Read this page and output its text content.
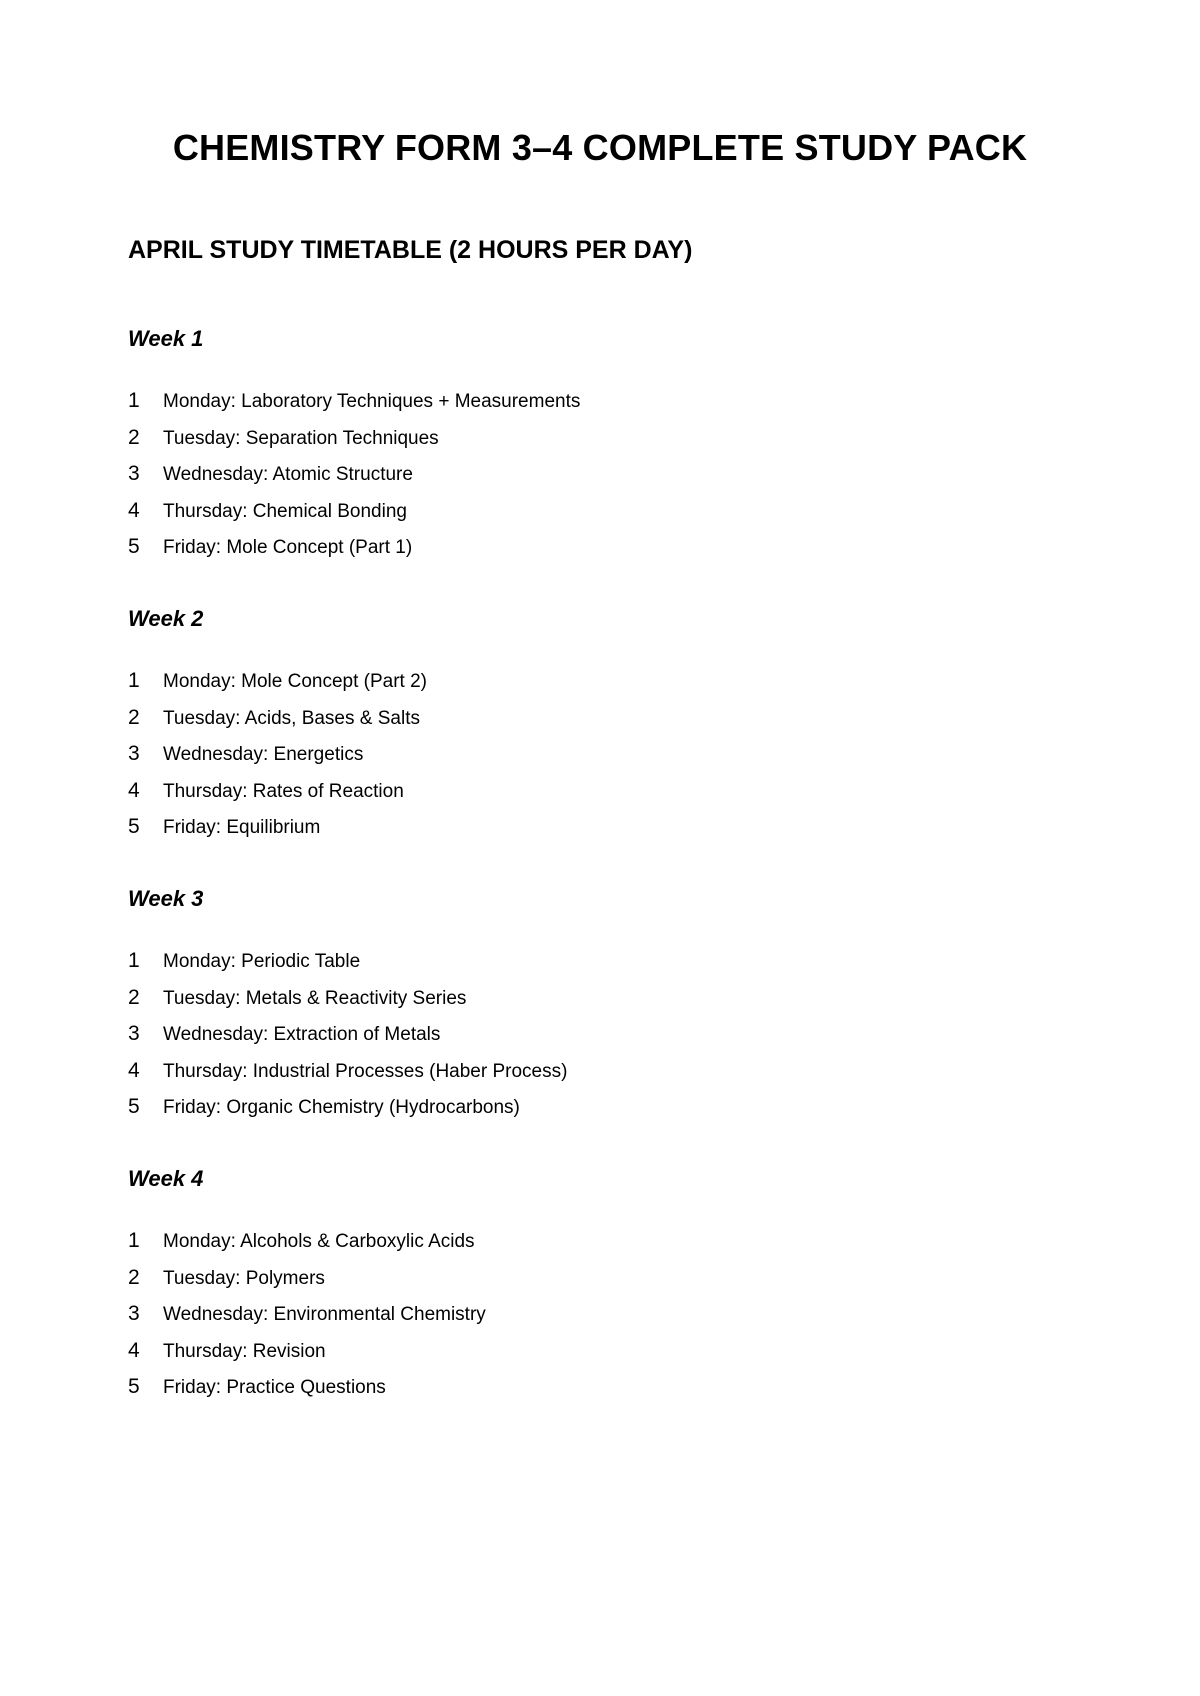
CHEMISTRY FORM 3–4 COMPLETE STUDY PACK
APRIL STUDY TIMETABLE (2 HOURS PER DAY)
Week 1
1	Monday: Laboratory Techniques + Measurements
2	Tuesday: Separation Techniques
3	Wednesday: Atomic Structure
4	Thursday: Chemical Bonding
5	Friday: Mole Concept (Part 1)
Week 2
1	Monday: Mole Concept (Part 2)
2	Tuesday: Acids, Bases & Salts
3	Wednesday: Energetics
4	Thursday: Rates of Reaction
5	Friday: Equilibrium
Week 3
1	Monday: Periodic Table
2	Tuesday: Metals & Reactivity Series
3	Wednesday: Extraction of Metals
4	Thursday: Industrial Processes (Haber Process)
5	Friday: Organic Chemistry (Hydrocarbons)
Week 4
1	Monday: Alcohols & Carboxylic Acids
2	Tuesday: Polymers
3	Wednesday: Environmental Chemistry
4	Thursday: Revision
5	Friday: Practice Questions
